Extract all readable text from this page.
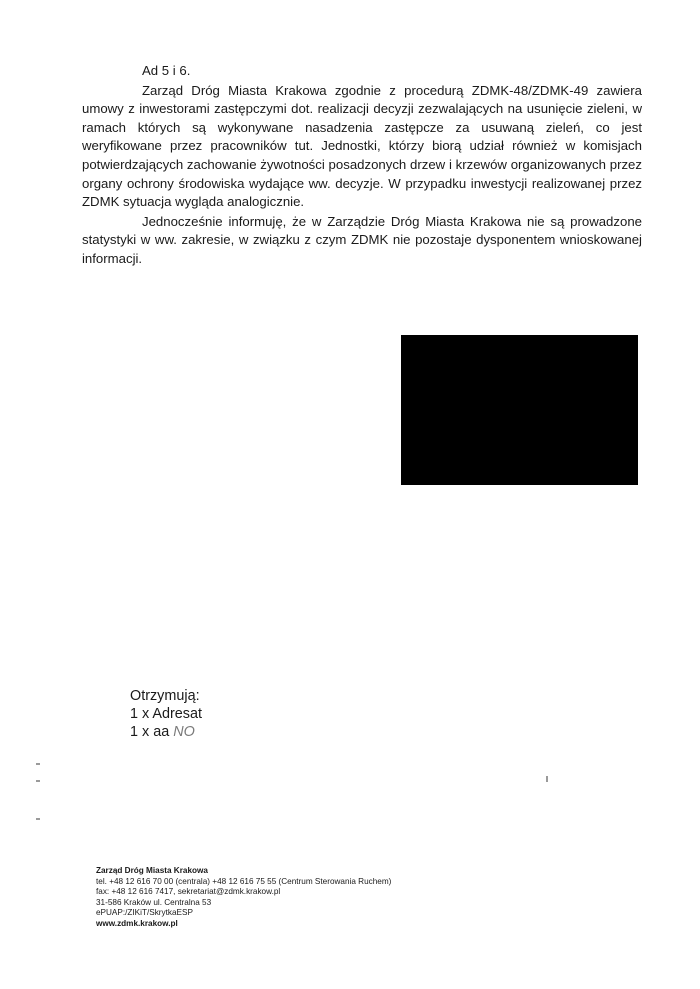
Ad 5 i 6.

Zarząd Dróg Miasta Krakowa zgodnie z procedurą ZDMK-48/ZDMK-49 zawiera umowy z inwestorami zastępczymi dot. realizacji decyzji zezwalających na usunięcie zieleni, w ramach których są wykonywane nasadzenia zastępcze za usuwaną zieleń, co jest weryfikowane przez pracowników tut. Jednostki, którzy biorą udział również w komisjach potwierdzających zachowanie żywotności posadzonych drzew i krzewów organizowanych przez organy ochrony środowiska wydające ww. decyzje. W przypadku inwestycji realizowanej przez ZDMK sytuacja wygląda analogicznie.

Jednocześnie informuję, że w Zarządzie Dróg Miasta Krakowa nie są prowadzone statystyki w ww. zakresie, w związku z czym ZDMK nie pozostaje dysponentem wnioskowanej informacji.

Otrzymują:
1 x Adresat
1 x aa NO
Zarząd Dróg Miasta Krakowa
tel. +48 12 616 70 00 (centrala) +48 12 616 75 55 (Centrum Sterowania Ruchem)
fax: +48 12 616 7417, sekretariat@zdmk.krakow.pl
31-586 Kraków ul. Centralna 53
ePUAP:/ZIKiT/SkrytkaESP
www.zdmk.krakow.pl
